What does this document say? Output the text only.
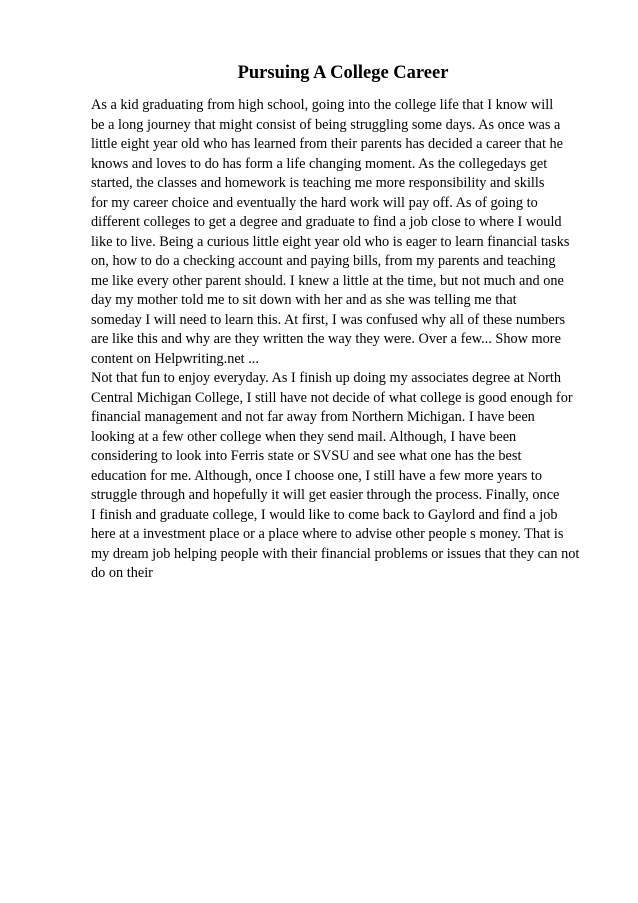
Pursuing A College Career
As a kid graduating from high school, going into the college life that I know will
be a long journey that might consist of being struggling some days. As once was a
little eight year old who has learned from their parents has decided a career that he
knows and loves to do has form a life changing moment. As the collegedays get
started, the classes and homework is teaching me more responsibility and skills
for my career choice and eventually the hard work will pay off. As of going to
different colleges to get a degree and graduate to find a job close to where I would
like to live. Being a curious little eight year old who is eager to learn financial tasks
on, how to do a checking account and paying bills, from my parents and teaching
me like every other parent should. I knew a little at the time, but not much and one
day my mother told me to sit down with her and as she was telling me that
someday I will need to learn this. At first, I was confused why all of these numbers
are like this and why are they written the way they were. Over a few... Show more
content on Helpwriting.net ...
Not that fun to enjoy everyday. As I finish up doing my associates degree at North
Central Michigan College, I still have not decide of what college is good enough for
financial management and not far away from Northern Michigan. I have been
looking at a few other college when they send mail. Although, I have been
considering to look into Ferris state or SVSU and see what one has the best
education for me. Although, once I choose one, I still have a few more years to
struggle through and hopefully it will get easier through the process. Finally, once
I finish and graduate college, I would like to come back to Gaylord and find a job
here at a investment place or a place where to advise other people s money. That is
my dream job helping people with their financial problems or issues that they can not
do on their
